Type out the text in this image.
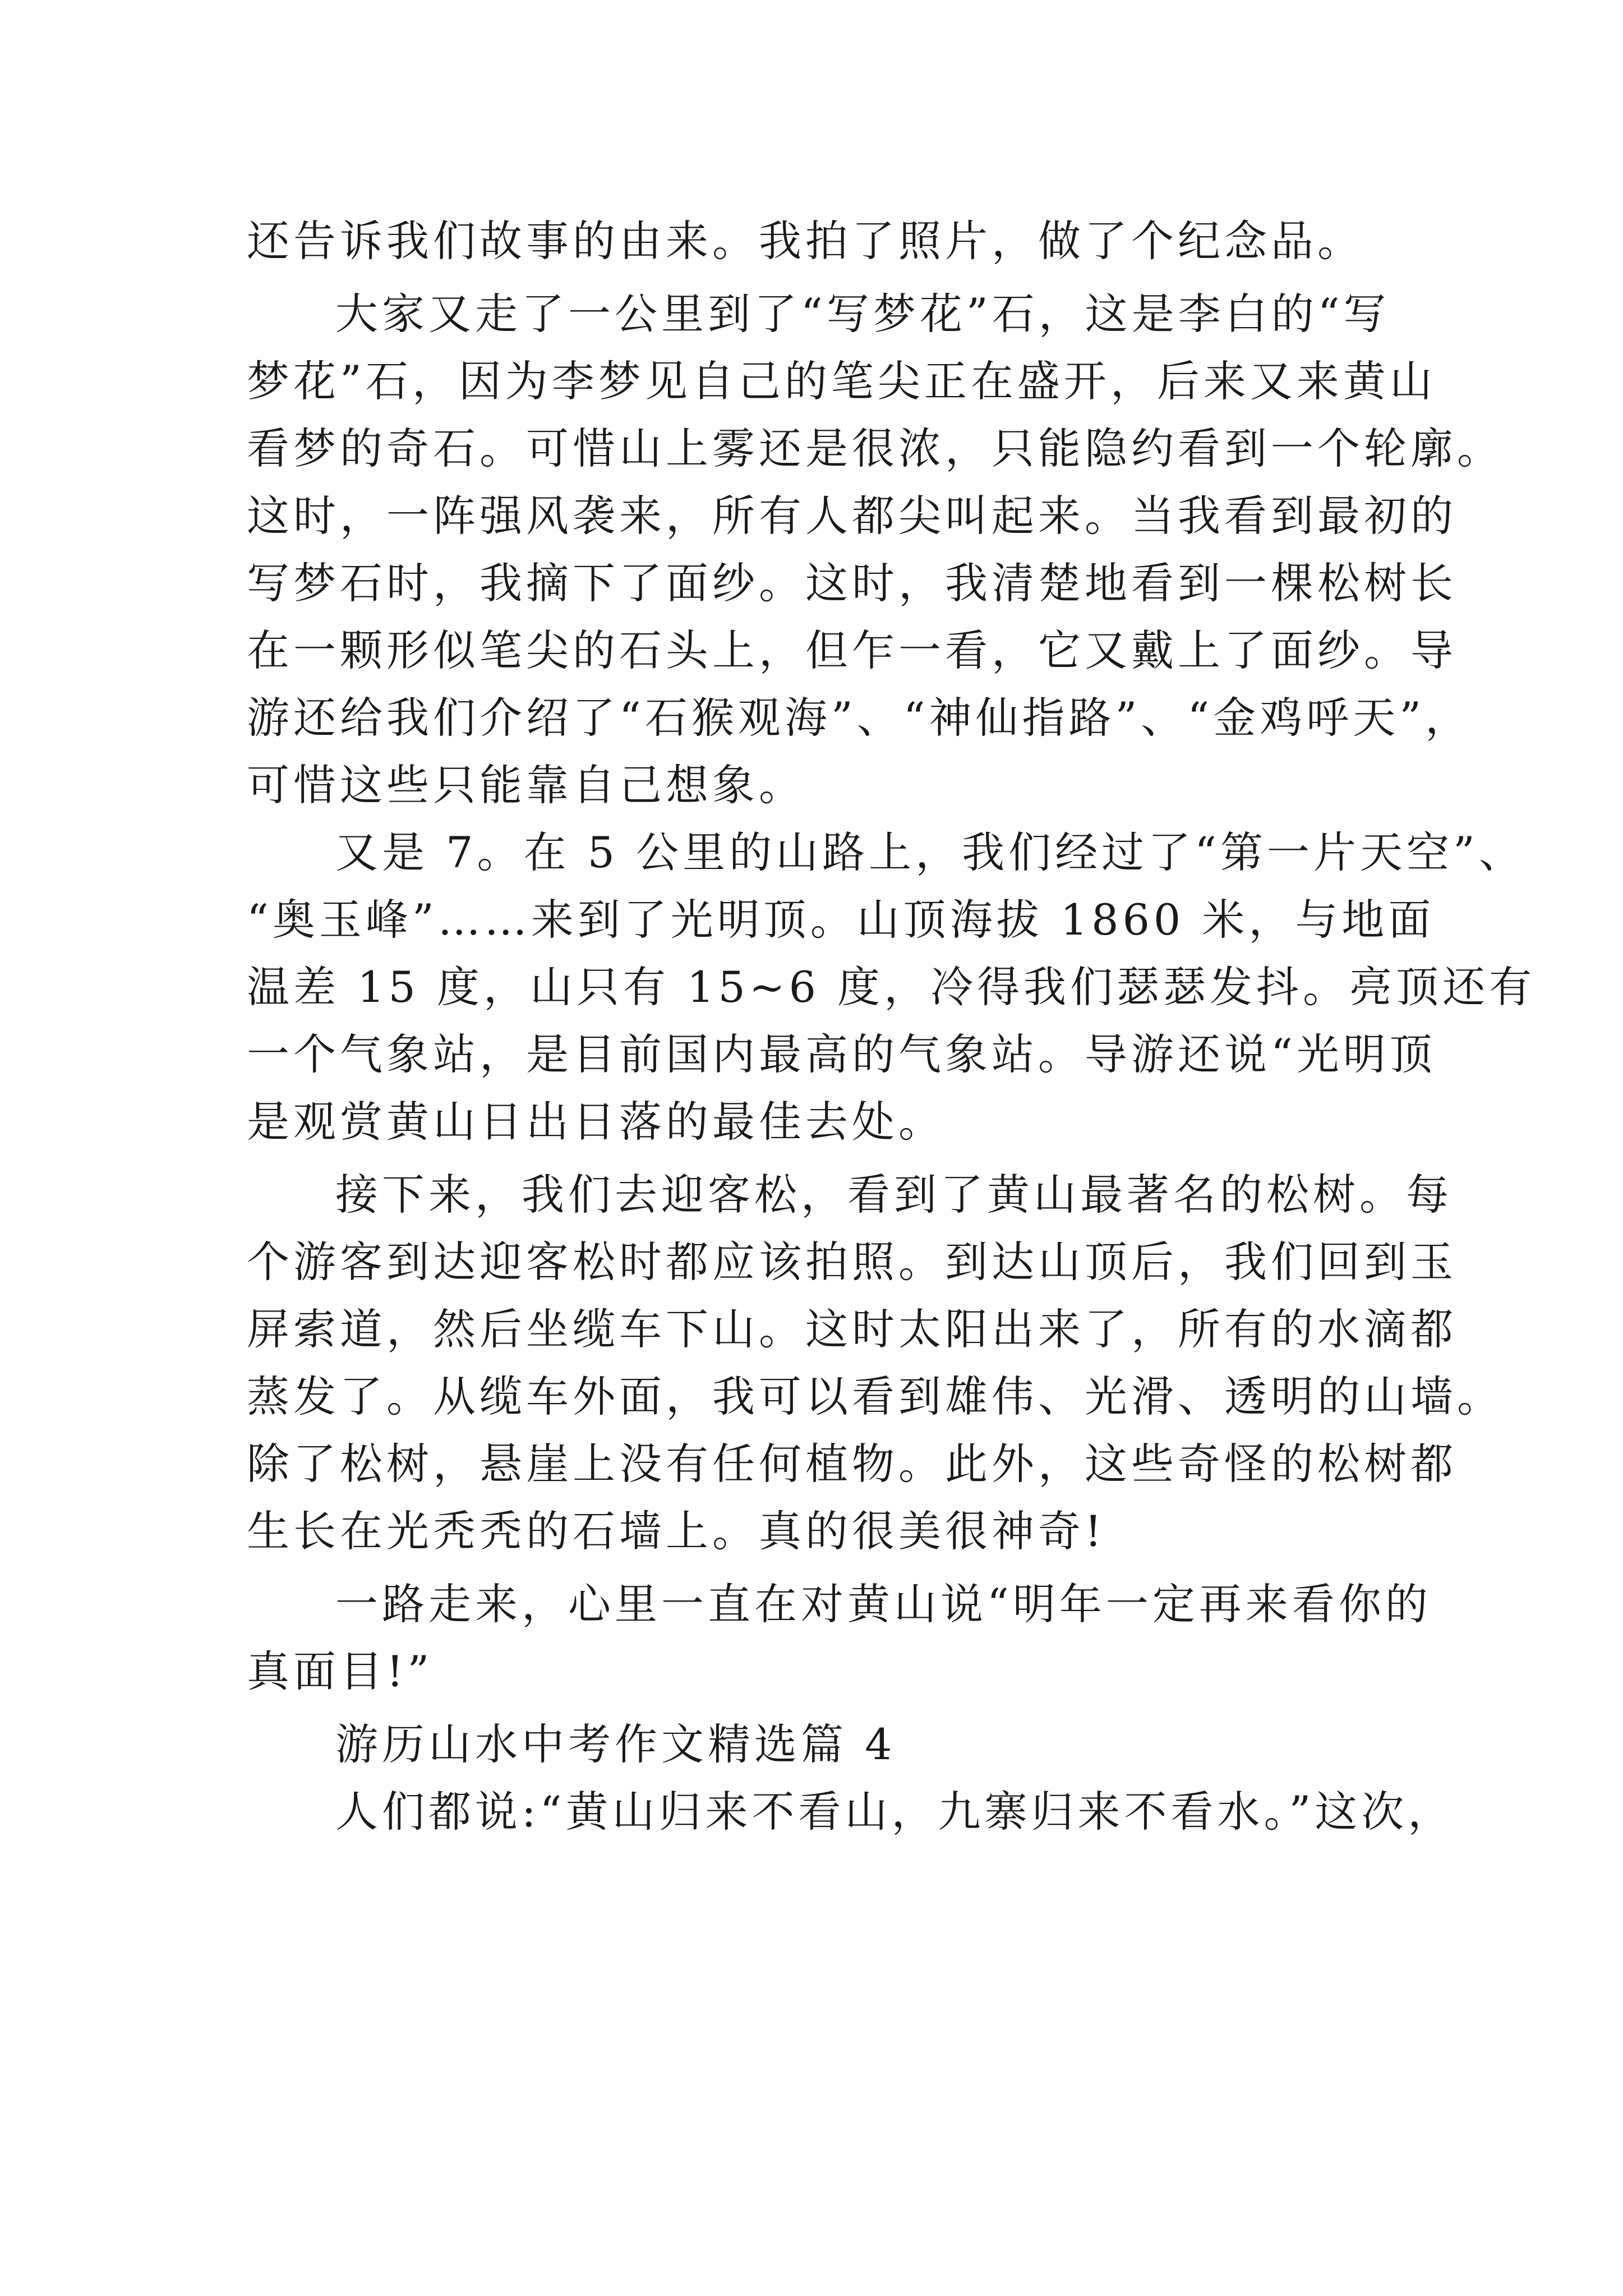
还告诉我们故事的由来。我拍了照片，做了个纪念品。
大家又走了一公里到了“写梦花”石，这是李白的“写
梦花”石，因为李梦见自己的笔尖正在盛开，后来又来黄山
看梦的奇石。可惜山上雾还是很浓，只能隐约看到一个轮廓。
这时，一阵强风袭来，所有人都尖叫起来。当我看到最初的
写梦石时，我摘下了面纱。这时，我清楚地看到一棵松树长
在一颗形似笔尖的石头上，但乍一看，它又戴上了面纱。导
游还给我们介绍了“石猴观海”、“神仙指路”、“金鸡呼天”，
可惜这些只能靠自己想象。
又是 7。在 5 公里的山路上，我们经过了“第一片天空”、
“奥玉峰”……来到了光明顶。山顶海拔 1860 米，与地面
温差 15 度，山只有 15~6 度，冷得我们瑟瑟发抖。亮顶还有
一个气象站，是目前国内最高的气象站。导游还说“光明顶
是观赏黄山日出日落的最佳去处。
接下来，我们去迎客松，看到了黄山最著名的松树。每
个游客到达迎客松时都应该拍照。到达山顶后，我们回到玉
屏索道，然后坐缆车下山。这时太阳出来了，所有的水滴都
蒸发了。从缆车外面，我可以看到雄伟、光滑、透明的山墙。
除了松树，悬崖上没有任何植物。此外，这些奇怪的松树都
生长在光秃秃的石墙上。真的很美很神奇!
一路走来，心里一直在对黄山说“明年一定再来看你的
真面目!”
游历山水中考作文精选篇 4
人们都说:“黄山归来不看山，九寨归来不看水。”这次，
